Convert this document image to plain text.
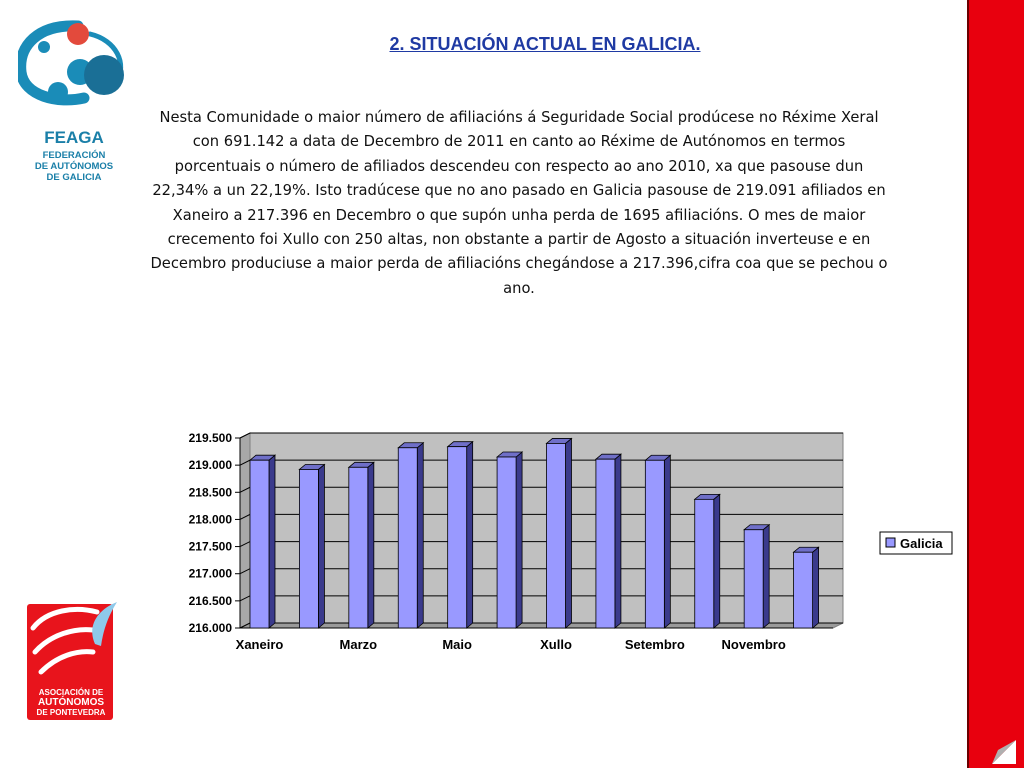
FEAGA
FEDERACIÓN
DE AUTÓNOMOS
DE GALICIA
ASOCIACIÓN DE
AUTÓNOMOS
DE PONTEVEDRA
2. SITUACIÓN ACTUAL EN GALICIA.
Nesta Comunidade o maior número de afiliacións á Seguridade Social prodúcese no Réxime Xeral con 691.142 a data de Decembro de 2011 en canto ao Réxime de Autónomos en termos porcentuais o número de afiliados descendeu con respecto ao ano 2010, xa que pasouse dun 22,34% a un 22,19%. Isto tradúcese que no ano pasado en Galicia pasouse de 219.091 afiliados en Xaneiro a 217.396 en Decembro o que supón unha perda de 1695 afiliacións. O mes de maior crecemento foi Xullo con 250 altas, non obstante a partir de Agosto a situación inverteuse e en Decembro produciuse a maior perda de afiliacións chegándose a 217.396,cifra coa que se pechou o ano.
216.000
216.500
217.000
217.500
218.000
218.500
219.000
219.500
Xaneiro	Marzo	Maio	Xullo	Setembro	Novembro
Galicia
